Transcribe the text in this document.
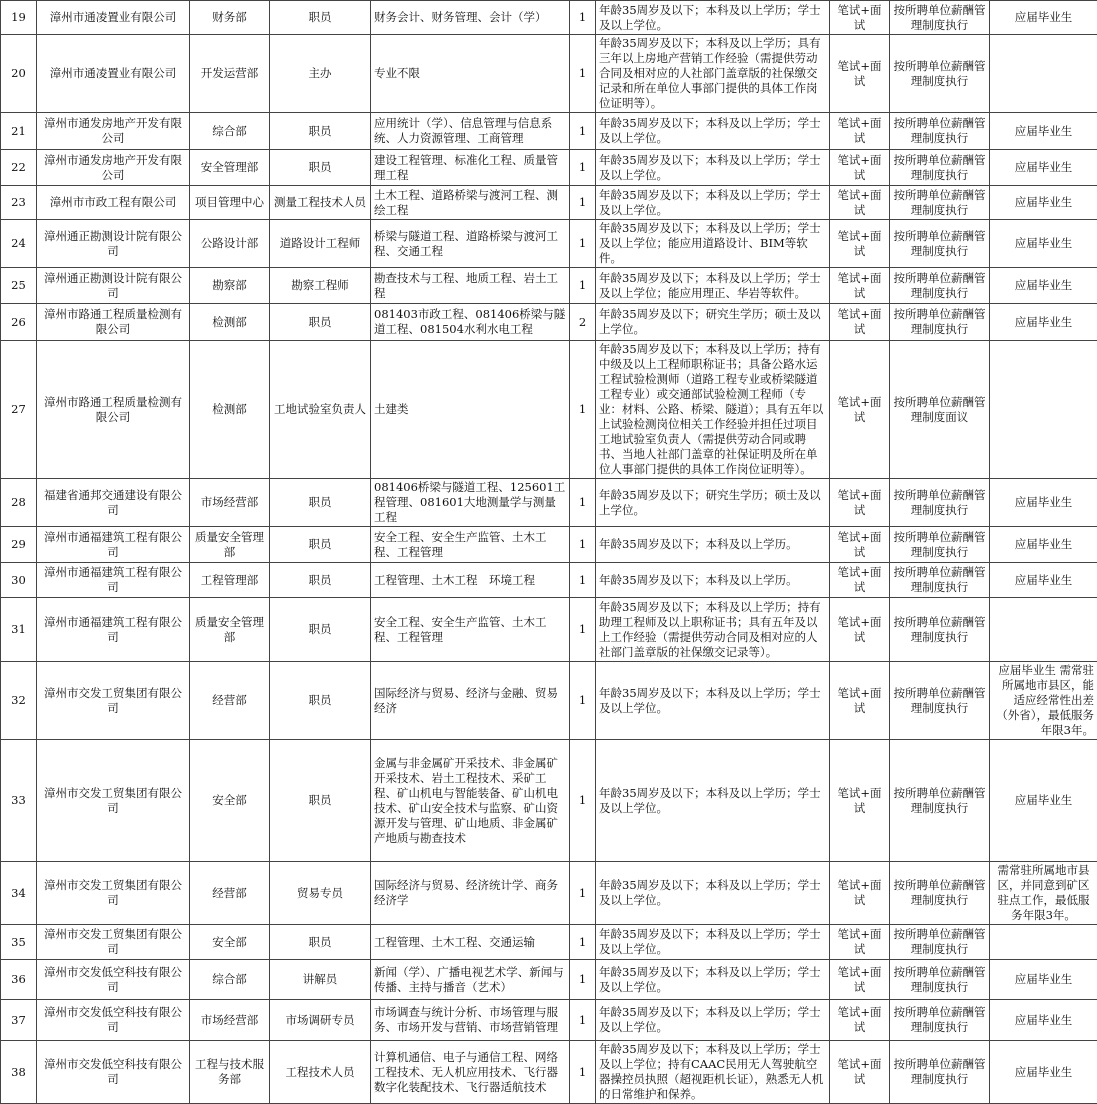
19	漳州市通凌置业有限公司	财务部	职员	财务会计、财务管理、会计（学）	1	年龄35周岁及以下；本科及以上学历；学士及以上学位。	笔试+面试	按所聘单位薪酬管理制度执行	应届毕业生
20	漳州市通凌置业有限公司	开发运营部	主办	专业不限	1	年龄35周岁及以下；本科及以上学历；具有三年以上房地产营销工作经验（需提供劳动合同及相对应的人社部门盖章版的社保缴交记录和所在单位人事部门提供的具体工作岗位证明等）。	笔试+面试	按所聘单位薪酬管理制度执行	
21	漳州市通发房地产开发有限公司	综合部	职员	应用统计（学）、信息管理与信息系统、人力资源管理、工商管理	1	年龄35周岁及以下；本科及以上学历；学士及以上学位。	笔试+面试	按所聘单位薪酬管理制度执行	应届毕业生
22	漳州市通发房地产开发有限公司	安全管理部	职员	建设工程管理、标准化工程、质量管理工程	1	年龄35周岁及以下；本科及以上学历；学士及以上学位。	笔试+面试	按所聘单位薪酬管理制度执行	应届毕业生
23	漳州市市政工程有限公司	项目管理中心	测量工程技术人员	土木工程、道路桥梁与渡河工程、测绘工程	1	年龄35周岁及以下；本科及以上学历；学士及以上学位。	笔试+面试	按所聘单位薪酬管理制度执行	应届毕业生
24	漳州通正勘测设计院有限公司	公路设计部	道路设计工程师	桥梁与隧道工程、道路桥梁与渡河工程、交通工程	1	年龄35周岁及以下；本科及以上学历；学士及以上学位；能应用道路设计、BIM等软件。	笔试+面试	按所聘单位薪酬管理制度执行	应届毕业生
25	漳州通正勘测设计院有限公司	勘察部	勘察工程师	勘查技术与工程、地质工程、岩土工程	1	年龄35周岁及以下；本科及以上学历；学士及以上学位；能应用理正、华岩等软件。	笔试+面试	按所聘单位薪酬管理制度执行	应届毕业生
26	漳州市路通工程质量检测有限公司	检测部	职员	081403市政工程、081406桥梁与隧道工程、081504水利水电工程	2	年龄35周岁及以下；研究生学历；硕士及以上学位。	笔试+面试	按所聘单位薪酬管理制度执行	应届毕业生
27	漳州市路通工程质量检测有限公司	检测部	工地试验室负责人	土建类	1	年龄35周岁及以下；本科及以上学历；持有中级及以上工程师职称证书；具备公路水运工程试验检测师（道路工程专业或桥梁隧道工程专业）或交通部试验检测工程师（专业：材料、公路、桥梁、隧道）；具有五年以上试验检测岗位相关工作经验并担任过项目工地试验室负责人（需提供劳动合同或聘书、当地人社部门盖章的社保证明及所在单位人事部门提供的具体工作岗位证明等）。	笔试+面试	按所聘单位薪酬管理制度面议	
28	福建省通邦交通建设有限公司	市场经营部	职员	081406桥梁与隧道工程、125601工程管理、081601大地测量学与测量工程	1	年龄35周岁及以下；研究生学历；硕士及以上学位。	笔试+面试	按所聘单位薪酬管理制度执行	应届毕业生
29	漳州市通福建筑工程有限公司	质量安全管理部	职员	安全工程、安全生产监管、土木工程、工程管理	1	年龄35周岁及以下；本科及以上学历。	笔试+面试	按所聘单位薪酬管理制度执行	应届毕业生
30	漳州市通福建筑工程有限公司	工程管理部	职员	工程管理、土木工程　环境工程	1	年龄35周岁及以下；本科及以上学历。	笔试+面试	按所聘单位薪酬管理制度执行	应届毕业生
31	漳州市通福建筑工程有限公司	质量安全管理部	职员	安全工程、安全生产监管、土木工程、工程管理	1	年龄35周岁及以下；本科及以上学历；持有助理工程师及以上职称证书；具有五年及以上工作经验（需提供劳动合同及相对应的人社部门盖章版的社保缴交记录等）。	笔试+面试	按所聘单位薪酬管理制度执行	
32	漳州市交发工贸集团有限公司	经营部	职员	国际经济与贸易、经济与金融、贸易经济	1	年龄35周岁及以下；本科及以上学历；学士及以上学位。	笔试+面试	按所聘单位薪酬管理制度执行	应届毕业生 需常驻所属地市县区，能适应经常性出差（外省），最低服务年限3年。
33	漳州市交发工贸集团有限公司	安全部	职员	金属与非金属矿开采技术、非金属矿开采技术、岩土工程技术、采矿工程、矿山机电与智能装备、矿山机电技术、矿山安全技术与监察、矿山资源开发与管理、矿山地质、非金属矿产地质与勘查技术	1	年龄35周岁及以下；本科及以上学历；学士及以上学位。	笔试+面试	按所聘单位薪酬管理制度执行	应届毕业生
34	漳州市交发工贸集团有限公司	经营部	贸易专员	国际经济与贸易、经济统计学、商务经济学	1	年龄35周岁及以下；本科及以上学历；学士及以上学位。	笔试+面试	按所聘单位薪酬管理制度执行	需常驻所属地市县区，并同意到矿区驻点工作，最低服务年限3年。
35	漳州市交发工贸集团有限公司	安全部	职员	工程管理、土木工程、交通运输	1	年龄35周岁及以下；本科及以上学历；学士及以上学位。	笔试+面试	按所聘单位薪酬管理制度执行	
36	漳州市交发低空科技有限公司	综合部	讲解员	新闻（学）、广播电视艺术学、新闻与传播、主持与播音（艺术）	1	年龄35周岁及以下；本科及以上学历；学士及以上学位。	笔试+面试	按所聘单位薪酬管理制度执行	应届毕业生
37	漳州市交发低空科技有限公司	市场经营部	市场调研专员	市场调查与统计分析、市场管理与服务、市场开发与营销、市场营销管理	1	年龄35周岁及以下；本科及以上学历；学士及以上学位。	笔试+面试	按所聘单位薪酬管理制度执行	应届毕业生
38	漳州市交发低空科技有限公司	工程与技术服务部	工程技术人员	计算机通信、电子与通信工程、网络工程技术、无人机应用技术、飞行器数字化装配技术、飞行器适航技术	1	年龄35周岁及以下；本科及以上学历；学士及以上学位；持有CAAC民用无人驾驶航空器操控员执照（超视距机长证），熟悉无人机的日常维护和保养。	笔试+面试	按所聘单位薪酬管理制度执行	应届毕业生
